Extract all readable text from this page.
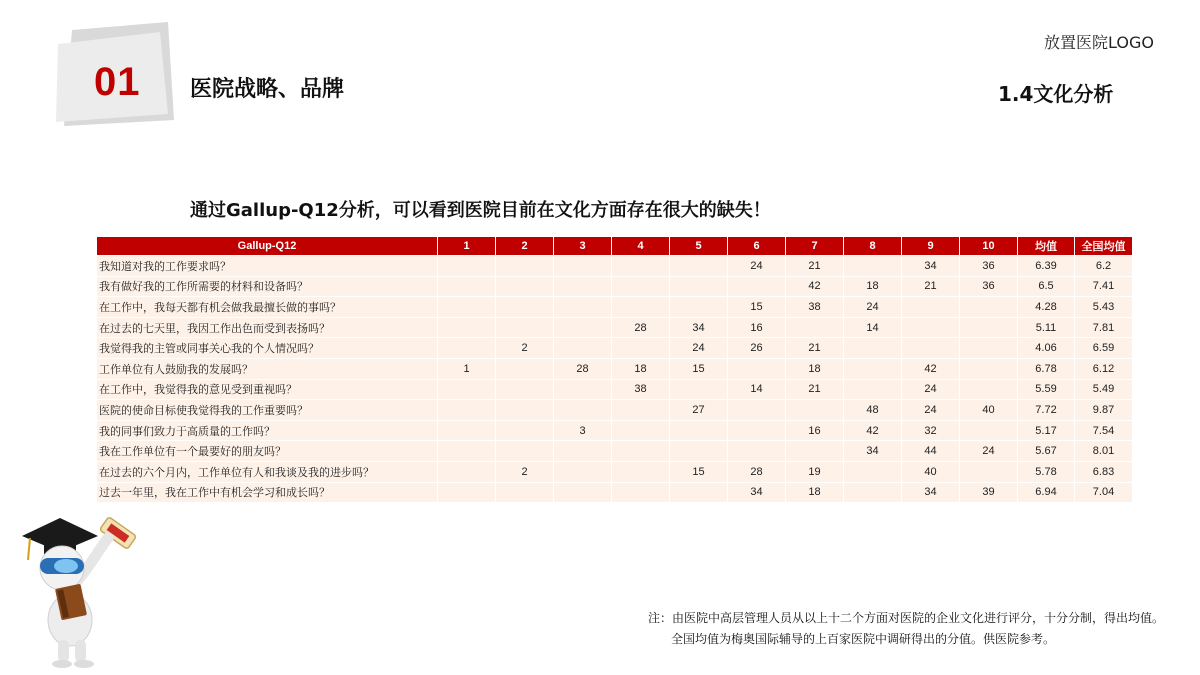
01 医院战略、品牌
放置医院LOGO
1.4文化分析
通过Gallup-Q12分析，可以看到医院目前在文化方面存在很大的缺失！
Gallup-Q12	1	2	3	4	5	6	7	8	9	10	均值	全国均值
我知道对我的工作要求吗？						24	21		34	36	6.39	6.2
我有做好我的工作所需要的材料和设备吗？							42	18	21	36	6.5	7.41
在工作中，我每天都有机会做我最擅长做的事吗？						15	38	24			4.28	5.43
在过去的七天里，我因工作出色而受到表扬吗？				28	34	16		14			5.11	7.81
我觉得我的主管或同事关心我的个人情况吗？		2			24	26	21				4.06	6.59
工作单位有人鼓励我的发展吗？	1		28	18	15		18		42		6.78	6.12
在工作中，我觉得我的意见受到重视吗？				38		14	21		24		5.59	5.49
医院的使命目标使我觉得我的工作重要吗？					27			48	24	40	7.72	9.87
我的同事们致力于高质量的工作吗？			3				16	42	32		5.17	7.54
我在工作单位有一个最要好的朋友吗？								34	44	24	5.67	8.01
在过去的六个月内，工作单位有人和我谈及我的进步吗？		2			15	28	19		40		5.78	6.83
过去一年里，我在工作中有机会学习和成长吗？						34	18		34	39	6.94	7.04
注：由医院中高层管理人员从以上十二个方面对医院的企业文化进行评分，十分分制，得出均值。
全国均值为梅奥国际辅导的上百家医院中调研得出的分值。供医院参考。
